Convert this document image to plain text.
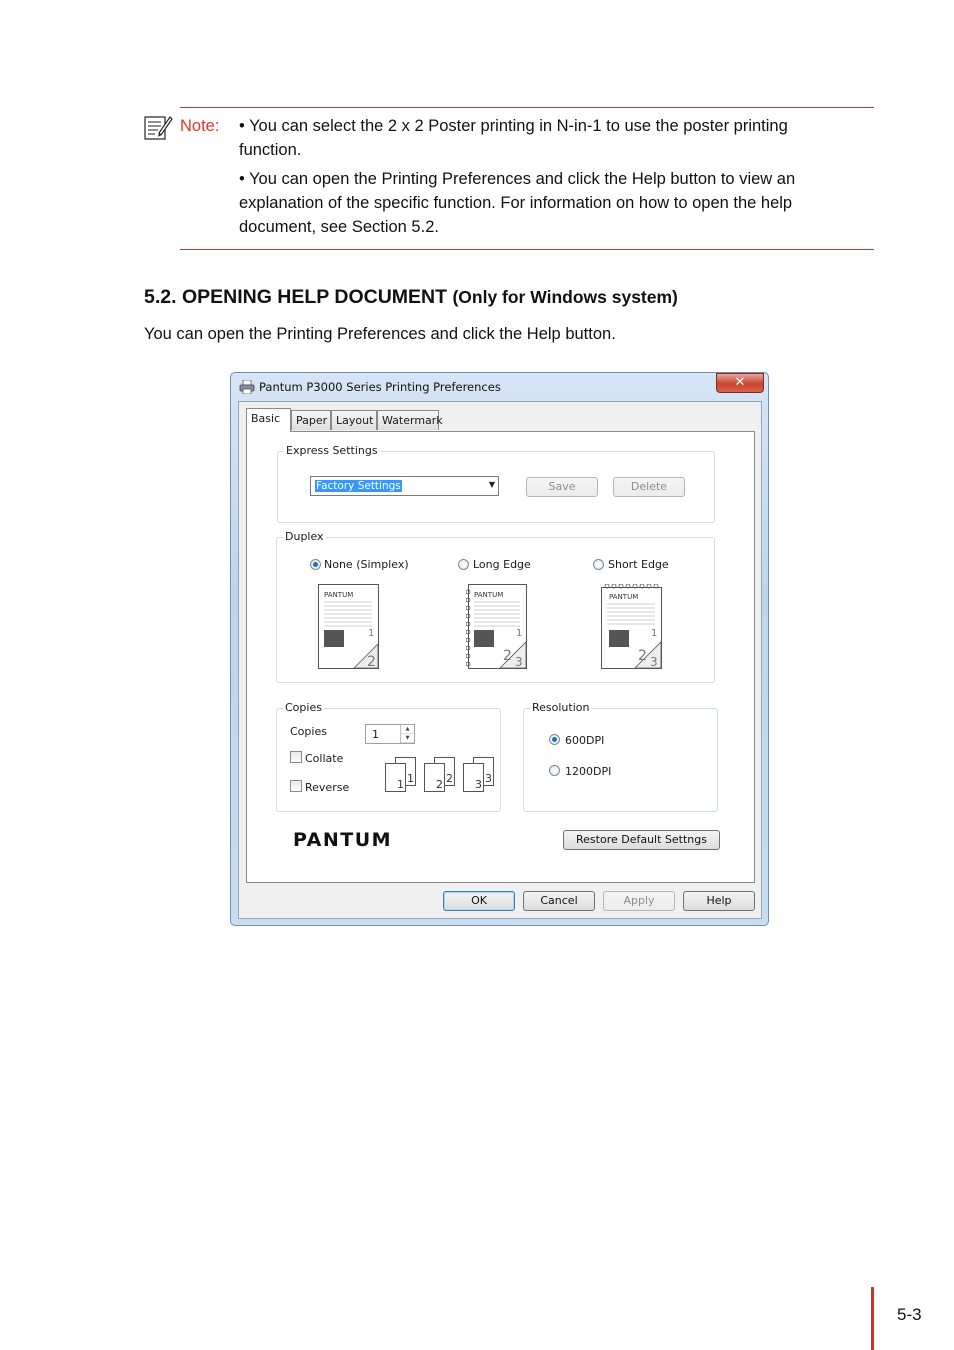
Note: • You can select the 2 x 2 Poster printing in N-in-1 to use the poster printing function.
• You can open the Printing Preferences and click the Help button to view an explanation of the specific function. For information on how to open the help document, see Section 5.2.
5.2. OPENING HELP DOCUMENT (Only for Windows system)
You can open the Printing Preferences and click the Help button.
Pantum P3000 Series Printing Preferences	✕
Basic	Paper Layout Watermark
Express Settings
Factory Settings	▼	Save	Delete
Duplex
None (Simplex)	Long Edge	Short Edge
PANTUM
2
1
PANTUM
2 3
1
PANTUM
2 3
1
Copies
Copies	1	▲
▼
Collate
Reverse
1
1	2
2	3
3
Resolution
600DPI
1200DPI
PANTUM	Restore Default Settngs
OK	Cancel	Apply	Help
5-3
